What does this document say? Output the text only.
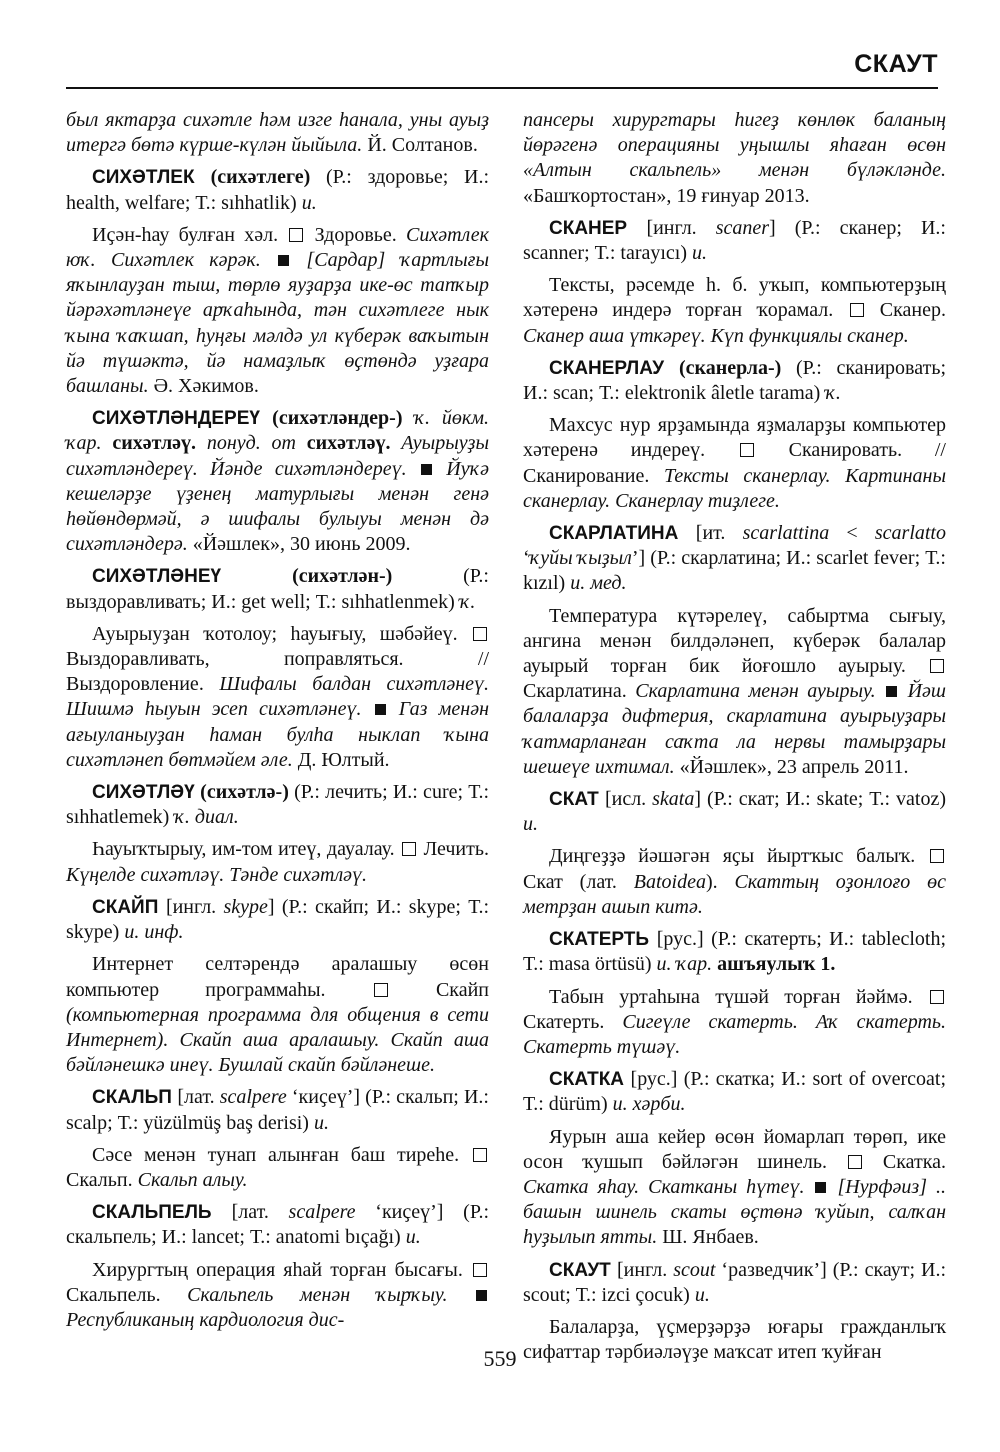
СКАУТ

был яктарҙа сихәтле һәм изге һанала, уны ауыҙ итергә бөтә күрше-күлән йыйыла. Й. Солтанов.

СИХӘТЛЕК (сихәтлеге) (Р.: здоровье; И.: health, welfare; Т.: sıhhatlik) и.

Иҫән-һау булған хәл.  Здоровье. Сихәтлек юҡ. Сихәтлек кәрәк.  [Сардар] ҡартлығы яҡынлауҙан тыш, төрлө яуҙарҙа ике-өс тапҡыр йәрәхәтләнеүе арҡаһында, тән сихәтлеге нык ҡына ҡаҡшап, һуңғы мәлдә ул күберәк ваҡытын йә түшәктә, йә намаҙлыҡ өҫтөндә уҙғара башланы. Ә. Хәкимов.

СИХӘТЛӘНДЕРЕҮ (сихәтләндер-) ҡ. йөкм. ҡар. сихәтләү. понуд. от сихәтләү. Ауырыуҙы сихәтләндереү. Йәнде сихәтләндереү.  Йуҡә кешеләрҙе үҙенең матурлығы менән генә һөйөндөрмәй, ә шифалы булыуы менән дә сихәтләндерә. «Йәшлек», 30 июнь 2009.

СИХӘТЛӘНЕҮ (сихәтлән-) (Р.: выздоравливать; И.: get well; Т.: sıhhatlenmek) ҡ.

Ауырыуҙан ҡотолоу; һауығыу, шәбәйеү.  Выздоравливать, поправляться. // Выздоровление. Шифалы балдан сихәтләнеү. Шишмә һыуын эсеп сихәтләнеү.  Газ менән ағыуланыуҙан һаман булһа ныклап ҡына сихәтләнеп бөтмәйем әле. Д. Юлтый.

СИХӘТЛӘҮ (сихәтлә-) (Р.: лечить; И.: cure; Т.: sıhhatlemek) ҡ. диал.

Һауыҡтырыу, им-том итеү, дауалау.  Лечить. Күңелде сихәтләү. Тәнде сихәтләү.

СКАЙП [ингл. skype] (Р.: скайп; И.: skype; Т.: skype) и. инф.

Интернет селтәрендә аралашыу өсөн компьютер программаһы.  Скайп (компьютерная программа для общения в сети Интернет). Скайп аша аралашыу. Скайп аша бәйләнешкә инеү. Бушлай скайп бәйләнеше.

СКАЛЬП [лат. scalpere ‘киҫеү’] (Р.: скальп; И.: scalp; Т.: yüzülmüş baş derisi) и.

Сәсе менән тунап алынған баш тиреһе.  Скальп. Скальп алыу.

СКАЛЬПЕЛЬ [лат. scalpere ‘киҫеү’] (Р.: скальпель; И.: lancet; Т.: anatomi bıçağı) и.

Хирургтың операция яһай торған бысағы.  Скальпель. Скальпель менән ҡырҡыу.  Республиканың кардиология дис-

пансеры хирургтары һигеҙ көнлөк баланың йөрәгенә операцияны уңышлы яһаған өсөн «Алтын скальпель» менән бүләкләнде. «Башҡортостан», 19 ғинуар 2013.

СКАНЕР [ингл. scaner] (Р.: сканер; И.: scanner; Т.: tarayıcı) и.

Тексты, рәсемде һ. б. уҡып, компьютерҙың хәтеренә индерә торған ҡорамал.  Сканер. Сканер аша үткәреү. Күп функциялы сканер.

СКАНЕРЛАУ (сканерла-) (Р.: сканировать; И.: scan; Т.: elektronik âletle tarama) ҡ.

Махсус нур ярҙамында яҙмаларҙы компьютер хәтеренә индереү.  Сканировать. // Сканирование. Тексты сканерлау. Картинаны сканерлау. Сканерлау тиҙлеге.

СКАРЛАТИНА [ит. scarlattina < scarlatto ‘ҡуйы ҡыҙыл’] (Р.: скарлатина; И.: scarlet fever; Т.: kızıl) и. мед.

Температура күтәрелеү, сабыртма сығыу, ангина менән билдәләнеп, күберәк балалар ауырый торған бик йоғошло ауырыу.  Скарлатина. Скарлатина менән ауырыу.  Йәш балаларҙа дифтерия, скарлатина ауырыуҙары ҡатмарланған саҡта ла нервы тамырҙары шешеүе ихтимал. «Йәшлек», 23 апрель 2011.

СКАТ [исл. skata] (Р.: скат; И.: skate; Т.: vatoz) и.

Диңгеҙҙә йәшәгән яҫы йыртҡыс балыҡ.  Скат (лат. Batoidea). Скаттың оҙонлоғо өс метрҙан ашып китә.

СКАТЕРТЬ [рус.] (Р.: скатерть; И.: tablecloth; Т.: masa örtüsü) и. ҡар. ашъяулыҡ 1.

Табын уртаһына түшәй торған йәймә.  Скатерть. Сигеүле скатерть. Аҡ скатерть. Скатерть түшәү.

СКАТКА [рус.] (Р.: скатка; И.: sort of overcoat; Т.: dürüm) и. хәрби.

Яурын аша кейер өсөн йомарлап төрөп, ике осон ҡушып бәйләгән шинель.  Скатка. Скатка яһау. Скатканы һүтеү.  [Нурфәиз] .. башын шинель скаты өҫтөнә ҡуйып, салҡан һуҙылып ятты. Ш. Янбаев.

СКАУТ [ингл. scout ‘разведчик’] (Р.: скаут; И.: scout; Т.: izci çocuk) и.

Балаларҙа, үҫмерҙәрҙә юғары гражданлыҡ сифаттар тәрбиәләүҙе маҡсат итеп ҡуйған

559
